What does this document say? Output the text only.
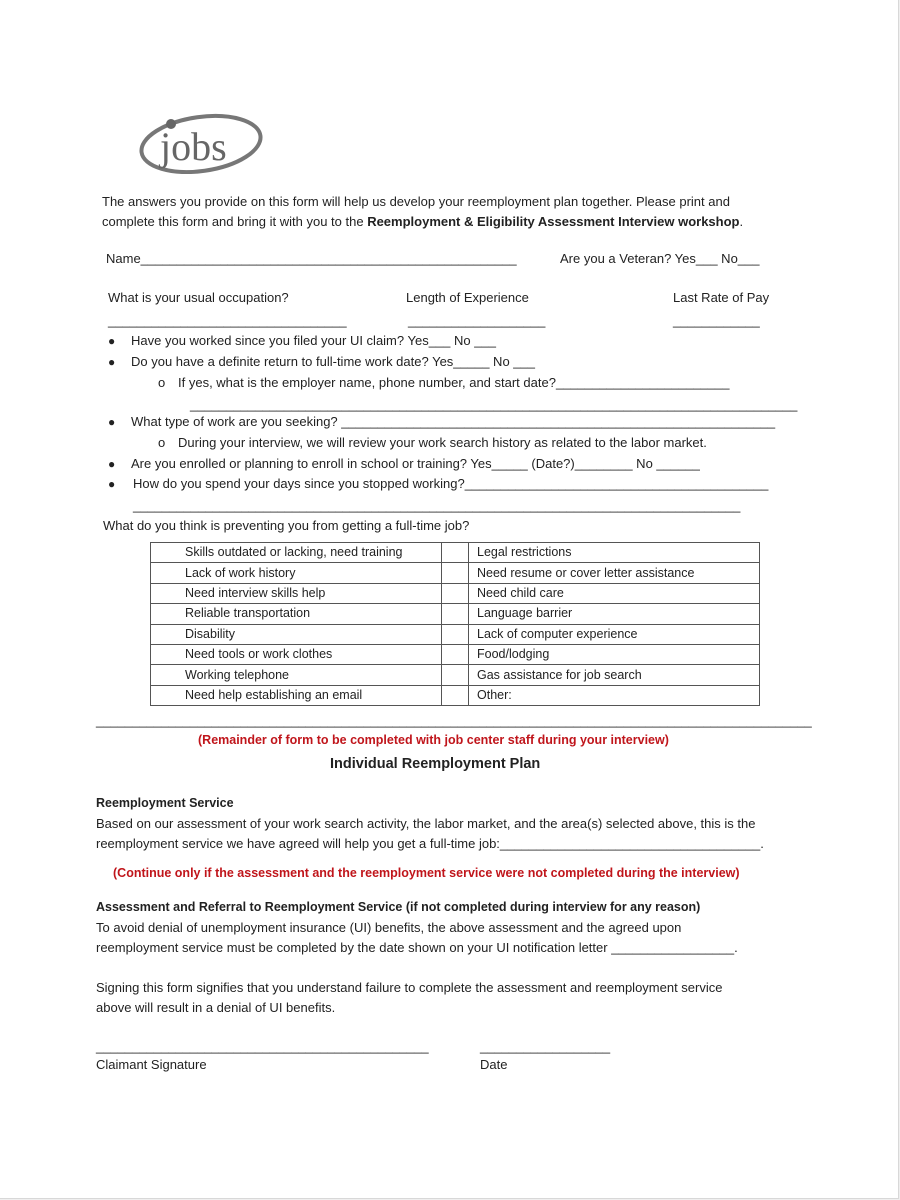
jobs
The answers you provide on this form will help us develop your reemployment plan together. Please print and
complete this form and bring it with you to the Reemployment & Eligibility Assessment Interview workshop.
Name____________________________________________________	Are you a Veteran? Yes___ No___
What is your usual occupation?	Length of Experience	Last Rate of Pay
_________________________________	___________________	____________
● Have you worked since you filed your UI claim? Yes___ No ___
● Do you have a definite return to full-time work date? Yes_____ No ___
o If yes, what is the employer name, phone number, and start date?________________________
____________________________________________________________________________________
● What type of work are you seeking? ____________________________________________________________
o During your interview, we will review your work search history as related to the labor market.
● Are you enrolled or planning to enroll in school or training? Yes_____ (Date?)________ No ______
● How do you spend your days since you stopped working?__________________________________________
____________________________________________________________________________________
What do you think is preventing you from getting a full-time job?
Skills outdated or lacking, need training		Legal restrictions
Lack of work history		Need resume or cover letter assistance
Need interview skills help		Need child care
Reliable transportation		Language barrier
Disability		Lack of computer experience
Need tools or work clothes		Food/lodging
Working telephone		Gas assistance for job search
Need help establishing an email		Other:
___________________________________________________________________________________________________
(Remainder of form to be completed with job center staff during your interview)
Individual Reemployment Plan
Reemployment Service
Based on our assessment of your work search activity, the labor market, and the area(s) selected above, this is the
reemployment service we have agreed will help you get a full-time job:____________________________________.
(Continue only if the assessment and the reemployment service were not completed during the interview)
Assessment and Referral to Reemployment Service (if not completed during interview for any reason)
To avoid denial of unemployment insurance (UI) benefits, the above assessment and the agreed upon
reemployment service must be completed by the date shown on your UI notification letter _________________.
Signing this form signifies that you understand failure to complete the assessment and reemployment service
above will result in a denial of UI benefits.
______________________________________________
Claimant Signature
__________________
Date
